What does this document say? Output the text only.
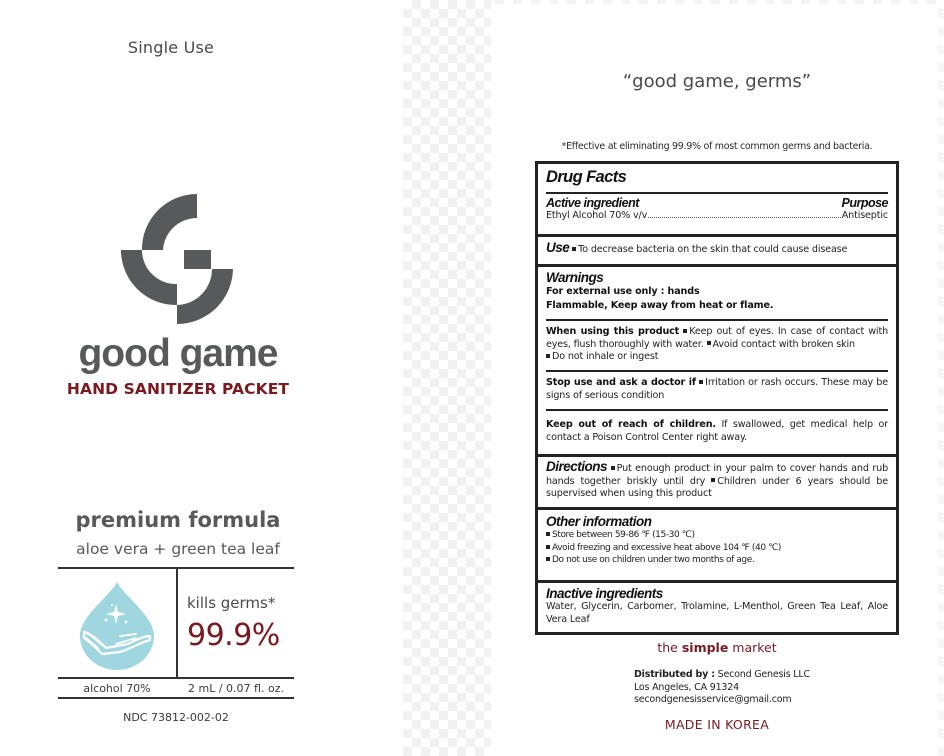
Single Use
good game
HAND SANITIZER PACKET
premium formula
aloe vera + green tea leaf
kills germs*
99.9%
alcohol 70%	2 mL / 0.07 fl. oz.
NDC 73812-002-02
“good game, germs”
*Effective at eliminating 99.9% of most common germs and bacteria.
Drug Facts
Active ingredient	Purpose
Ethyl Alcohol 70% v/v	Antiseptic
Use To decrease bacteria on the skin that could cause disease
Warnings
For external use only : hands
Flammable, Keep away from heat or flame.
When using this product Keep out of eyes. In case of contact with eyes, flush thoroughly with water. Avoid contact with broken skin
Do not inhale or ingest
Stop use and ask a doctor if Irritation or rash occurs. These may be signs of serious condition
Keep out of reach of children. If swallowed, get medical help or contact a Poison Control Center right away.
Directions Put enough product in your palm to cover hands and rub hands together briskly until dry Children under 6 years should be supervised when using this product
Other information
Store between 59-86 ℉ (15-30 ℃)
Avoid freezing and excessive heat above 104 ℉ (40 ℃)
Do not use on children under two months of age.
Inactive ingredients
Water, Glycerin, Carbomer, Trolamine, L-Menthol, Green Tea Leaf, Aloe Vera Leaf
the simple market
Distributed by : Second Genesis LLC
Los Angeles, CA 91324
secondgenesisservice@gmail.com
MADE IN KOREA
